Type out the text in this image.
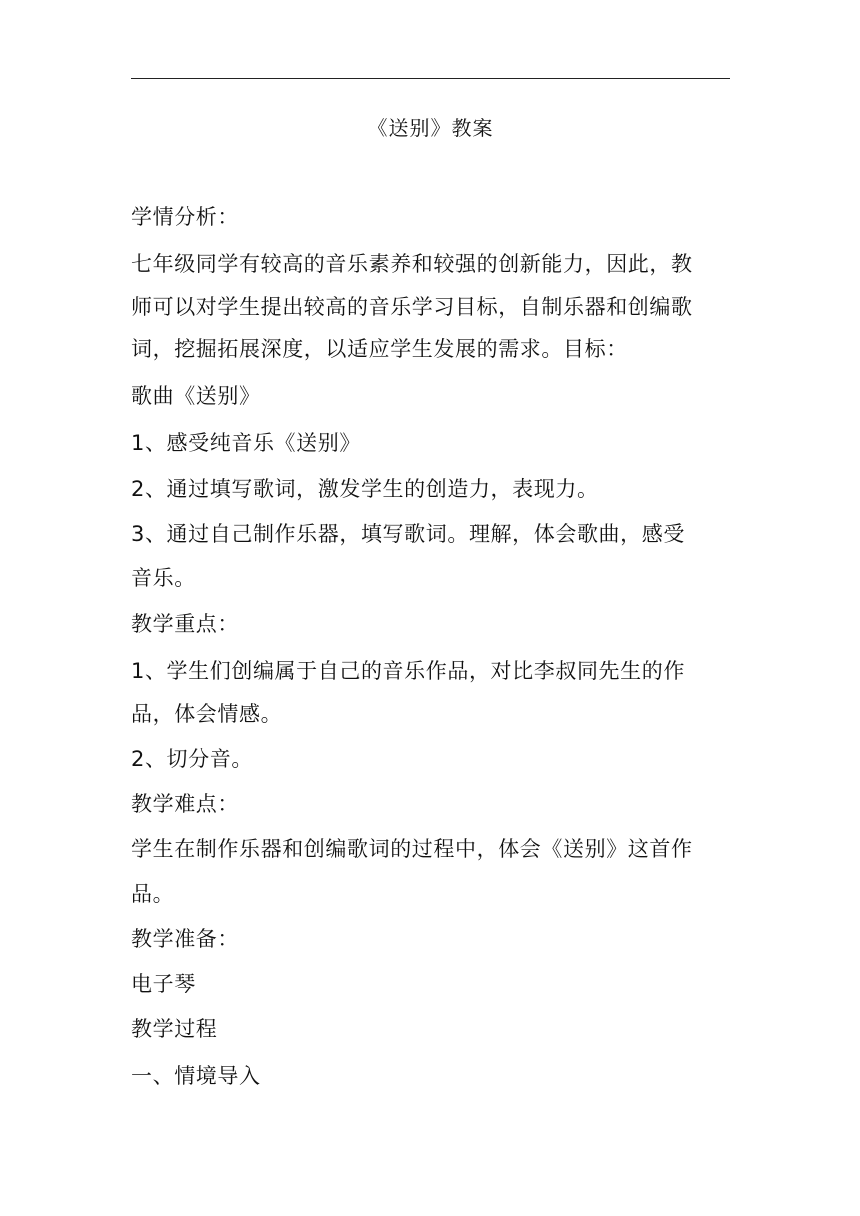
《送别》教案
学情分析：
七年级同学有较高的音乐素养和较强的创新能力，因此，教
师可以对学生提出较高的音乐学习目标，自制乐器和创编歌
词，挖掘拓展深度，以适应学生发展的需求。目标：
歌曲《送别》
1、感受纯音乐《送别》
2、通过填写歌词，激发学生的创造力，表现力。
3、通过自己制作乐器，填写歌词。理解，体会歌曲，感受
音乐。
教学重点：
1、学生们创编属于自己的音乐作品，对比李叔同先生的作
品，体会情感。
2、切分音。
教学难点：
学生在制作乐器和创编歌词的过程中，体会《送别》这首作
品。
教学准备：
电子琴
教学过程
一、情境导入
